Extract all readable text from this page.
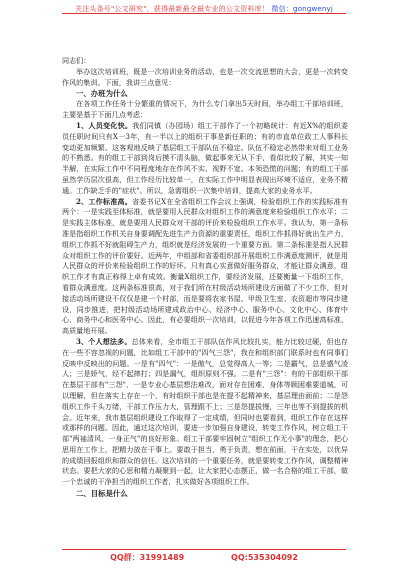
关注头条号"公文研究"，获得最新最全最专业的公文资料库！ 微信：gongwenyj

同志们：

举办这次培训班，既是一次培训业务的活动，也是一次交流思想的大会，更是一次转变作风的集训。下面，我讲三点意见：

一、办班为什么

在各项工作任务十分繁重的情况下，为什么专门拿出5天时间，举办组工干部培训班，主要是基于下面几点考虑：

1、人员变化快。我们同镇（办园场）组工干部作了一个初略统计：有近X%的组织委员任职时间只有X一3年，有一半以上的组织干事是新任职的；有的市直单位政工人事科长变动更加频繁。这客观地反映了基层组工干部队伍不稳定。队伍不稳定必然带来对组工业务的不熟悉。有的组工干部到岗后摸不清头脑，做起事来无从下手，看似比较了解，其实一知半解，在实际工作中不同程度地存在作风不实、视野不宽、本领恐慌的问题；有的组工干部虽然学历层次很高，但工作经历比较单一，在实际工作中明显表现出环境不适应，业务不精通。工作缺乏手的"症状"。所以，急需组织一次集中培训，提高大家的业务水平。

2、工作标准高。省委书记X在全省组织工作会议上强调，检验组织工作的实践标准有两个：一是实践至体标准，就是要用人民群众对组织工作的满意度来检验组织工作水平；二是实践主体标准，就是要用人民群众对干部的评价来检验组织工作水平。我认为，第一条标准是指组织工作机关自身要调配先进生产力资源的重要责任，组织工作抓得好就出生产力，组织工作抓不好就阻碍生产力，组织就是经济发展的一个重要方面。第二条标准是指人民群众对组织工作的评价要好。近两年，中组部和省委组织部开展组织工作满意度测评，就是用人民群众的评价来检验组织工作的好坏。只有真心实意做好服务群众，才能让群众满意，组织工作才有真正称得上卓有成效。衡量X组织工作，要经济发展，还要衡量一下组织工作，看群众满意度。这两条标准很高，对于我们所在村级活动场所建设方面做了不少工作，但对接活动场所建设不仅仅是建一个村部，而是要将农家书屋、甲级卫生室、农资超市等同步建设，同步推进，把村级活动场所建成政治中心、经济中心、服务中心、文化中心、体育中心、商务中心和医务中心。因此，有必要组织一次培训，以促进今年各项工作迅速高标准、高质量地开展。

3、个人想法多。总体来看，全市组工干部队伍作风比较扎实，能力比较过硬，但也存在一些不容忽视的问题，比如组工干部中的"四气三怨"，我在和组织部门联系时也有同事们反映中反映出的问题。一是有"四气"：一是傲气，总觉得高人一等；二是霸气，总是盛气凌人；三是娇气，经不起摔打；四是漏气，组织原则不强。二是有"三怨"：有的干部组织干部在基层干部有"三怨"，一是专业心基层想法难改，面对存在困难，身体等顾困难要道城，可以理解，但在落实上存在一个，有时组织干部也是在提不起精神来，基层理由面前；二是怨组织工作千头万绪，干部工作压力大，管理跟不上；三是怨提拔慢，三年也等不到提拔的机会。近年来，我市基层组织建设工作取得了一定成绩，但同时也要看到，组织工作存在这样或那样的问题。因此，通过这次培训，要进一步加强自身建设，转变工作作风，树立组工干部"两袖清风、一身正气"的良好形象。组工干部要牢固树立"组织工作无小事"的理念，把心思用在工作上，把精力放在干事上。要敢于担当，勇于负责，想在前面，干在实处，以优异的成绩回报组织和群众的信任。这次培训的一个重要任务，就是要转变工作作风，调整精神状态。要把大家的心思和精力凝聚到一起，让大家把心态摆正，做一名合格的组工干部，做一个忠诚的干净担当的组织工作者，扎实做好各项组织工作。

二、目标是什么
QQ群：31991489	QQ:535304092
